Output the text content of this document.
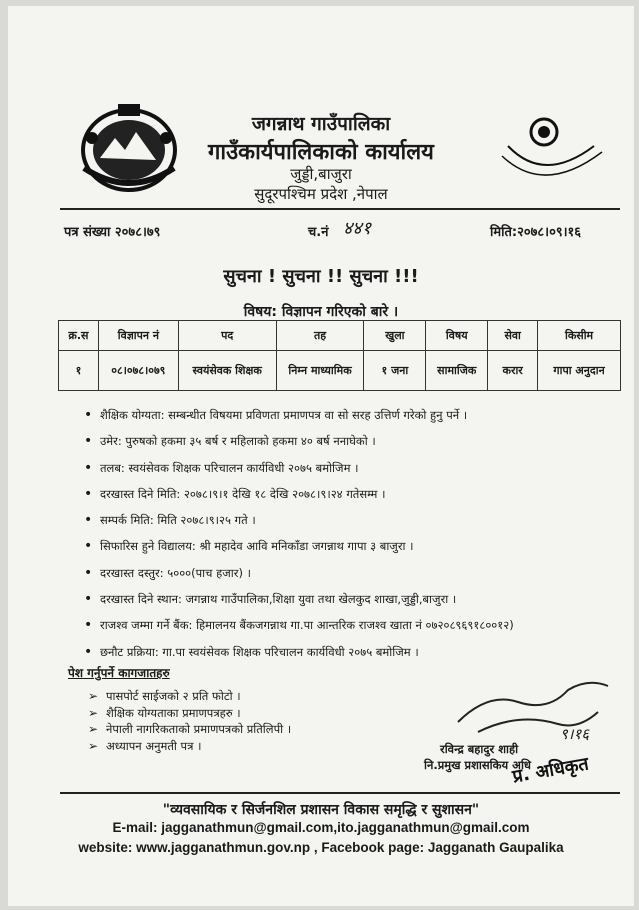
जगन्नाथ गाउँपालिका
गाउँकार्यपालिकाको कार्यालय
जुड्डी,बाजुरा
सुदूरपश्चिम प्रदेश ,नेपाल
पत्र संख्या २०७८।७९	च.नं ४४१	मिति:२०७८।०९।१६
सुचना ! सुचना !! सुचना !!!
विषय: विज्ञापन गरिएको बारे ।
क्र.स	विज्ञापन नं	पद	तह	खुला	विषय	सेवा	किसीम
१	०८।०७८।०७९	स्वयंसेवक शिक्षक	निम्न माध्यामिक	१ जना	सामाजिक	करार	गापा अनुदान
• शैक्षिक योग्यता: सम्बन्धीत विषयमा प्रविणता प्रमाणपत्र वा सो सरह उत्तिर्ण गरेको हुनु पर्ने ।
• उमेर: पुरुषको हकमा ३५ बर्ष र महिलाको हकमा ४० बर्ष ननाघेको ।
• तलब: स्वयंसेवक शिक्षक परिचालन कार्यविधी २०७५ बमोजिम ।
• दरखास्त दिने मिति: २०७८।९।१ देखि १८ देखि २०७८।९।२४ गतेसम्म ।
• सम्पर्क मिति: मिति २०७८।९।२५ गते ।
• सिफारिस हुने विद्यालय: श्री महादेव आवि मनिकाँडा जगन्नाथ गापा ३ बाजुरा ।
• दरखास्त दस्तुर: ५०००(पाच हजार) ।
• दरखास्त दिने स्थान: जगन्नाथ गाउँपालिका,शिक्षा युवा तथा खेलकुद शाखा,जुड्डी,बाजुरा ।
• राजश्व जम्मा गर्ने बैंक: हिमालनय बैंकजगन्नाथ गा.पा आन्तरिक राजश्व खाता नं ०७२०८९६९१८००१२)
• छनौट प्रक्रिया: गा.पा स्वयंसेवक शिक्षक परिचालन कार्यविधी २०७५ बमोजिम ।
पेश गर्नुपर्ने कागजातहरु
➢ पासपोर्ट साईजको २ प्रति फोटो ।
➢ शैक्षिक योग्यताका प्रमाणपत्रहरु ।
➢ नेपाली नागरिकताको प्रमाणपत्रको प्रतिलिपी ।
➢ अध्यापन अनुमती पत्र ।
९।१६
रविन्द्र बहादुर शाही
नि.प्रमुख प्रशासकिय अधि
प्र. अधिकृत
"व्यवसायिक र सिर्जनशिल प्रशासन विकास समृद्धि र सुशासन"
E-mail: jagganathmun@gmail.com,ito.jagganathmun@gmail.com
website: www.jagganathmun.gov.np , Facebook page: Jagganath Gaupalika
